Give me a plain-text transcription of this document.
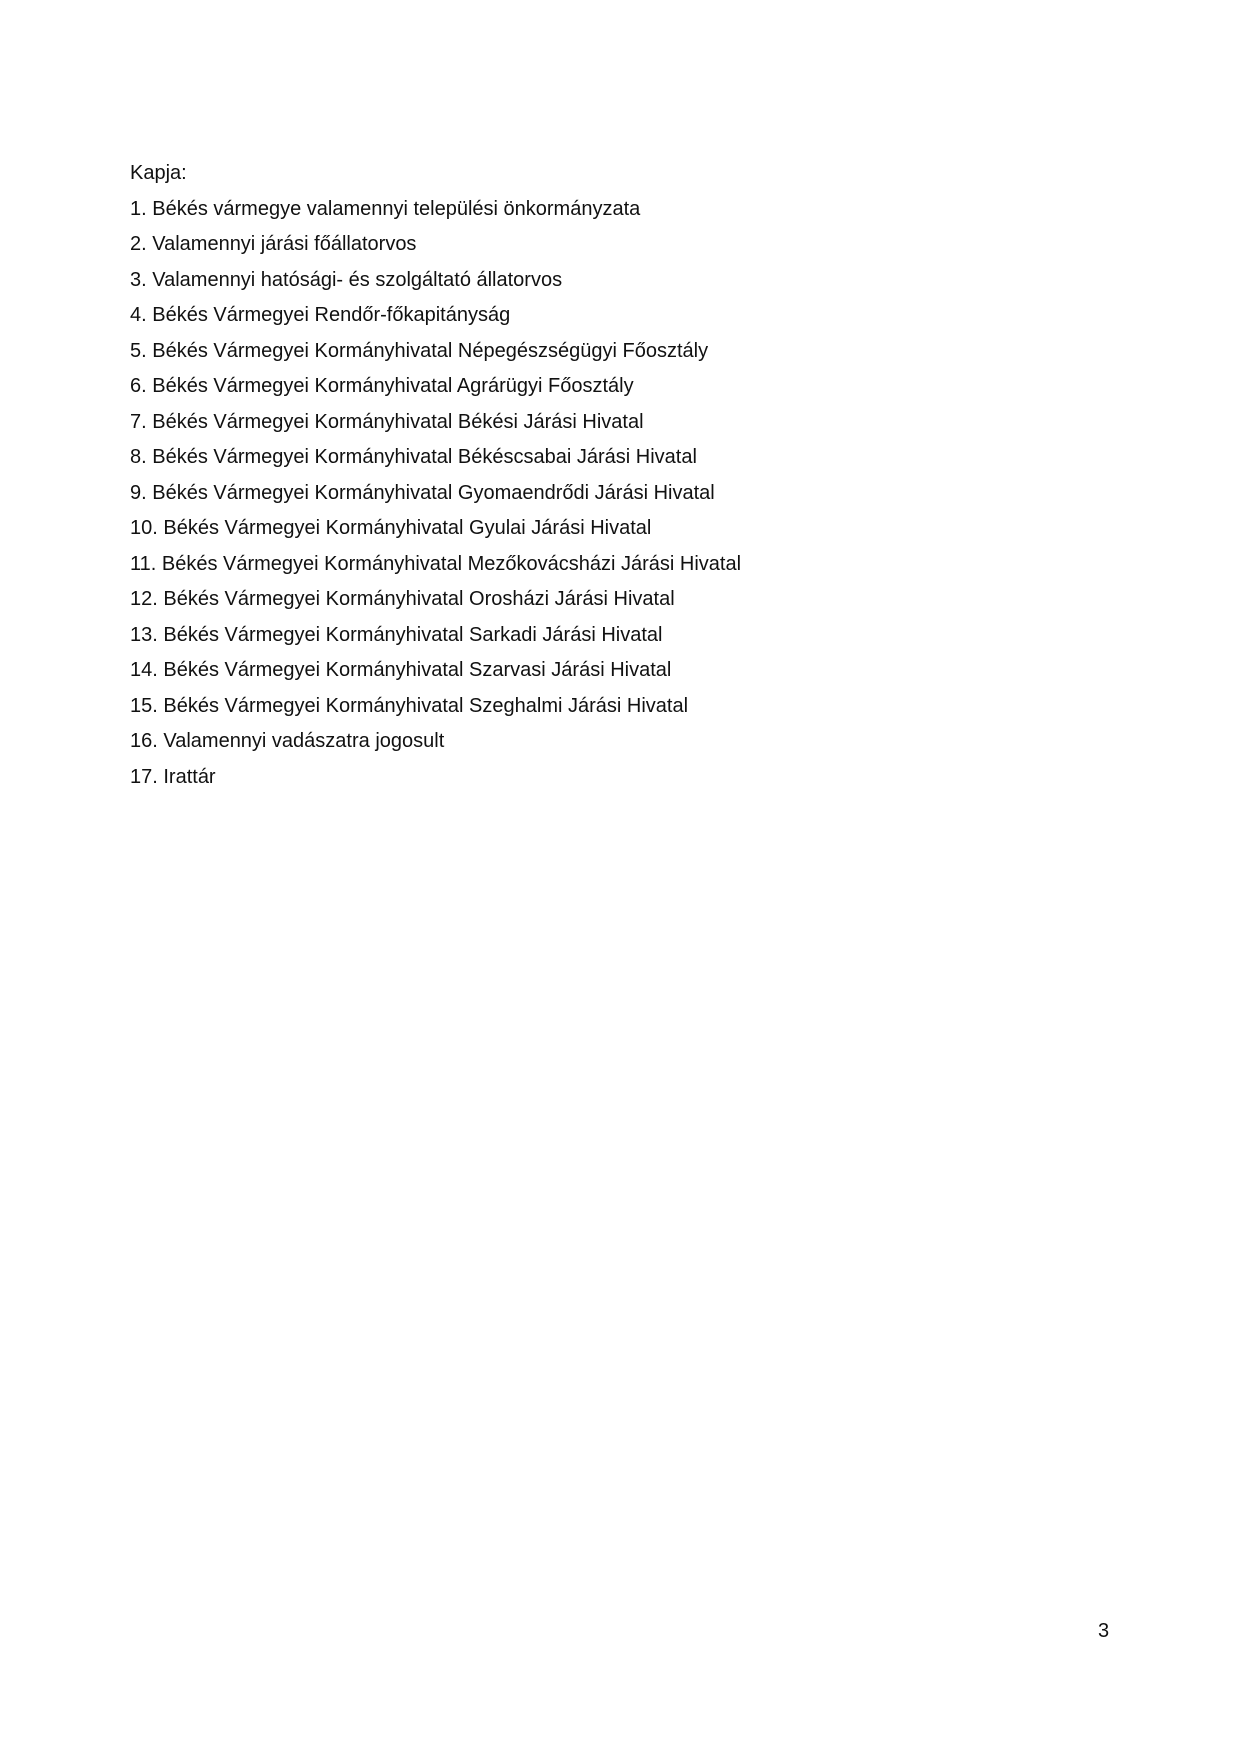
Kapja:

1. Békés vármegye valamennyi települési önkormányzata
2. Valamennyi járási főállatorvos
3. Valamennyi hatósági- és szolgáltató állatorvos
4. Békés Vármegyei Rendőr-főkapitányság
5. Békés Vármegyei Kormányhivatal Népegészségügyi Főosztály
6. Békés Vármegyei Kormányhivatal Agrárügyi Főosztály
7. Békés Vármegyei Kormányhivatal Békési Járási Hivatal
8. Békés Vármegyei Kormányhivatal Békéscsabai Járási Hivatal
9. Békés Vármegyei Kormányhivatal Gyomaendrődi Járási Hivatal
10. Békés Vármegyei Kormányhivatal Gyulai Járási Hivatal
11. Békés Vármegyei Kormányhivatal Mezőkovácsházi Járási Hivatal
12. Békés Vármegyei Kormányhivatal Orosházi Járási Hivatal
13. Békés Vármegyei Kormányhivatal Sarkadi Járási Hivatal
14. Békés Vármegyei Kormányhivatal Szarvasi Járási Hivatal
15. Békés Vármegyei Kormányhivatal Szeghalmi Járási Hivatal
16. Valamennyi vadászatra jogosult
17. Irattár
3
